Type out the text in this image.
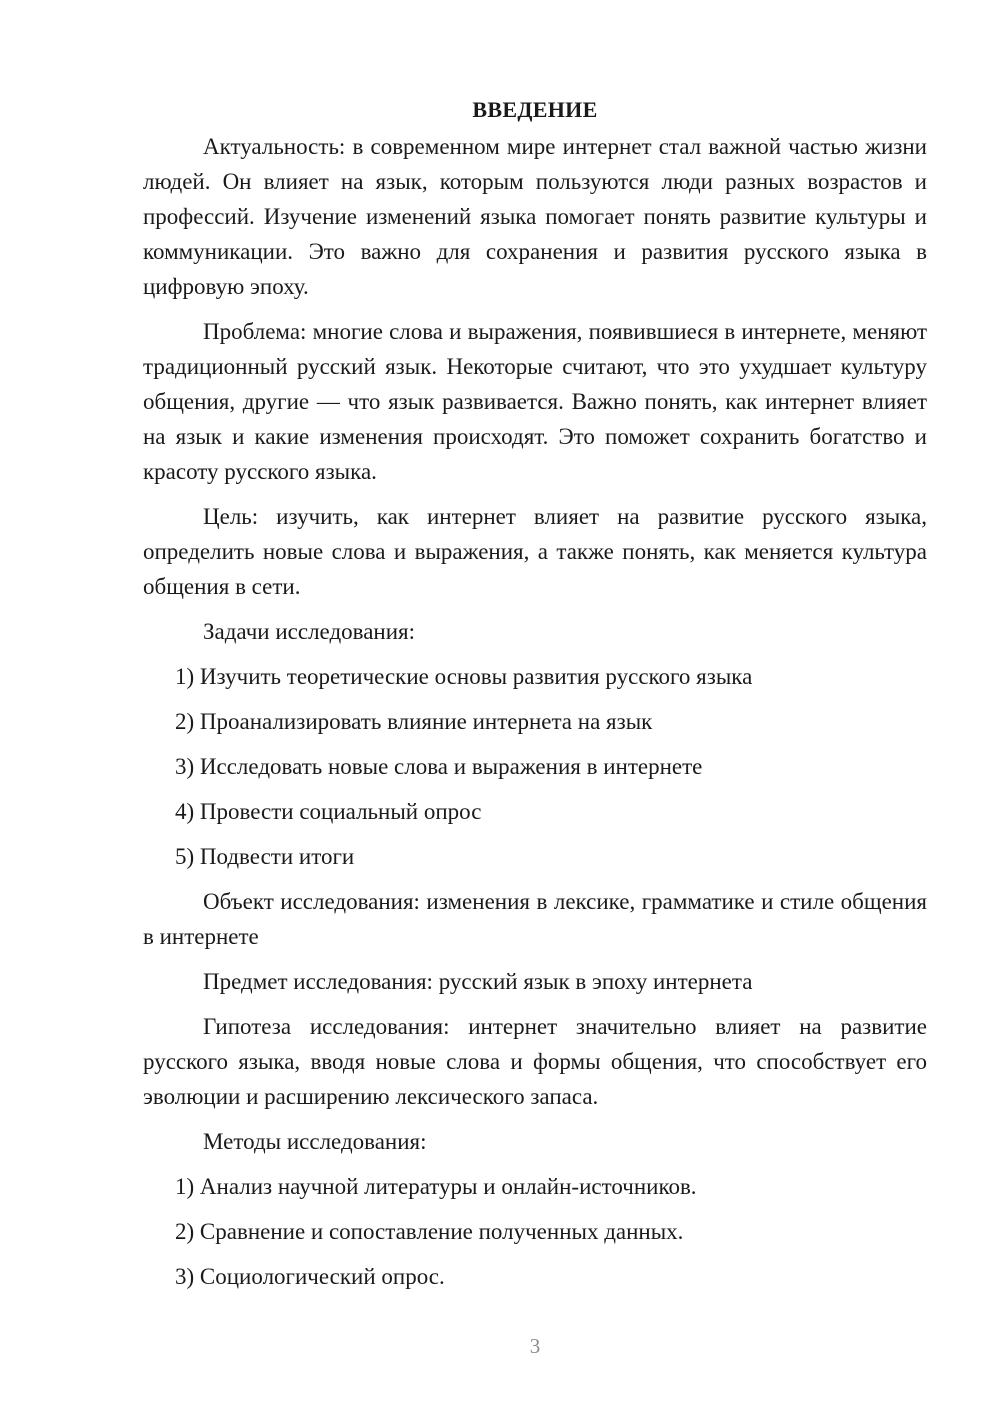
ВВЕДЕНИЕ

Актуальность: в современном мире интернет стал важной частью жизни людей. Он влияет на язык, которым пользуются люди разных возрастов и профессий. Изучение изменений языка помогает понять развитие культуры и коммуникации. Это важно для сохранения и развития русского языка в цифровую эпоху.

Проблема: многие слова и выражения, появившиеся в интернете, меняют традиционный русский язык. Некоторые считают, что это ухудшает культуру общения, другие — что язык развивается. Важно понять, как интернет влияет на язык и какие изменения происходят. Это поможет сохранить богатство и красоту русского языка.

Цель: изучить, как интернет влияет на развитие русского языка, определить новые слова и выражения, а также понять, как меняется культура общения в сети.

Задачи исследования:

1) Изучить теоретические основы развития русского языка
2) Проанализировать влияние интернета на язык
3) Исследовать новые слова и выражения в интернете
4) Провести социальный опрос
5) Подвести итоги

Объект исследования: изменения в лексике, грамматике и стиле общения в интернете

Предмет исследования: русский язык в эпоху интернета

Гипотеза исследования: интернет значительно влияет на развитие русского языка, вводя новые слова и формы общения, что способствует его эволюции и расширению лексического запаса.

Методы исследования:

1) Анализ научной литературы и онлайн-источников.
2) Сравнение и сопоставление полученных данных.
3) Социологический опрос.
3
